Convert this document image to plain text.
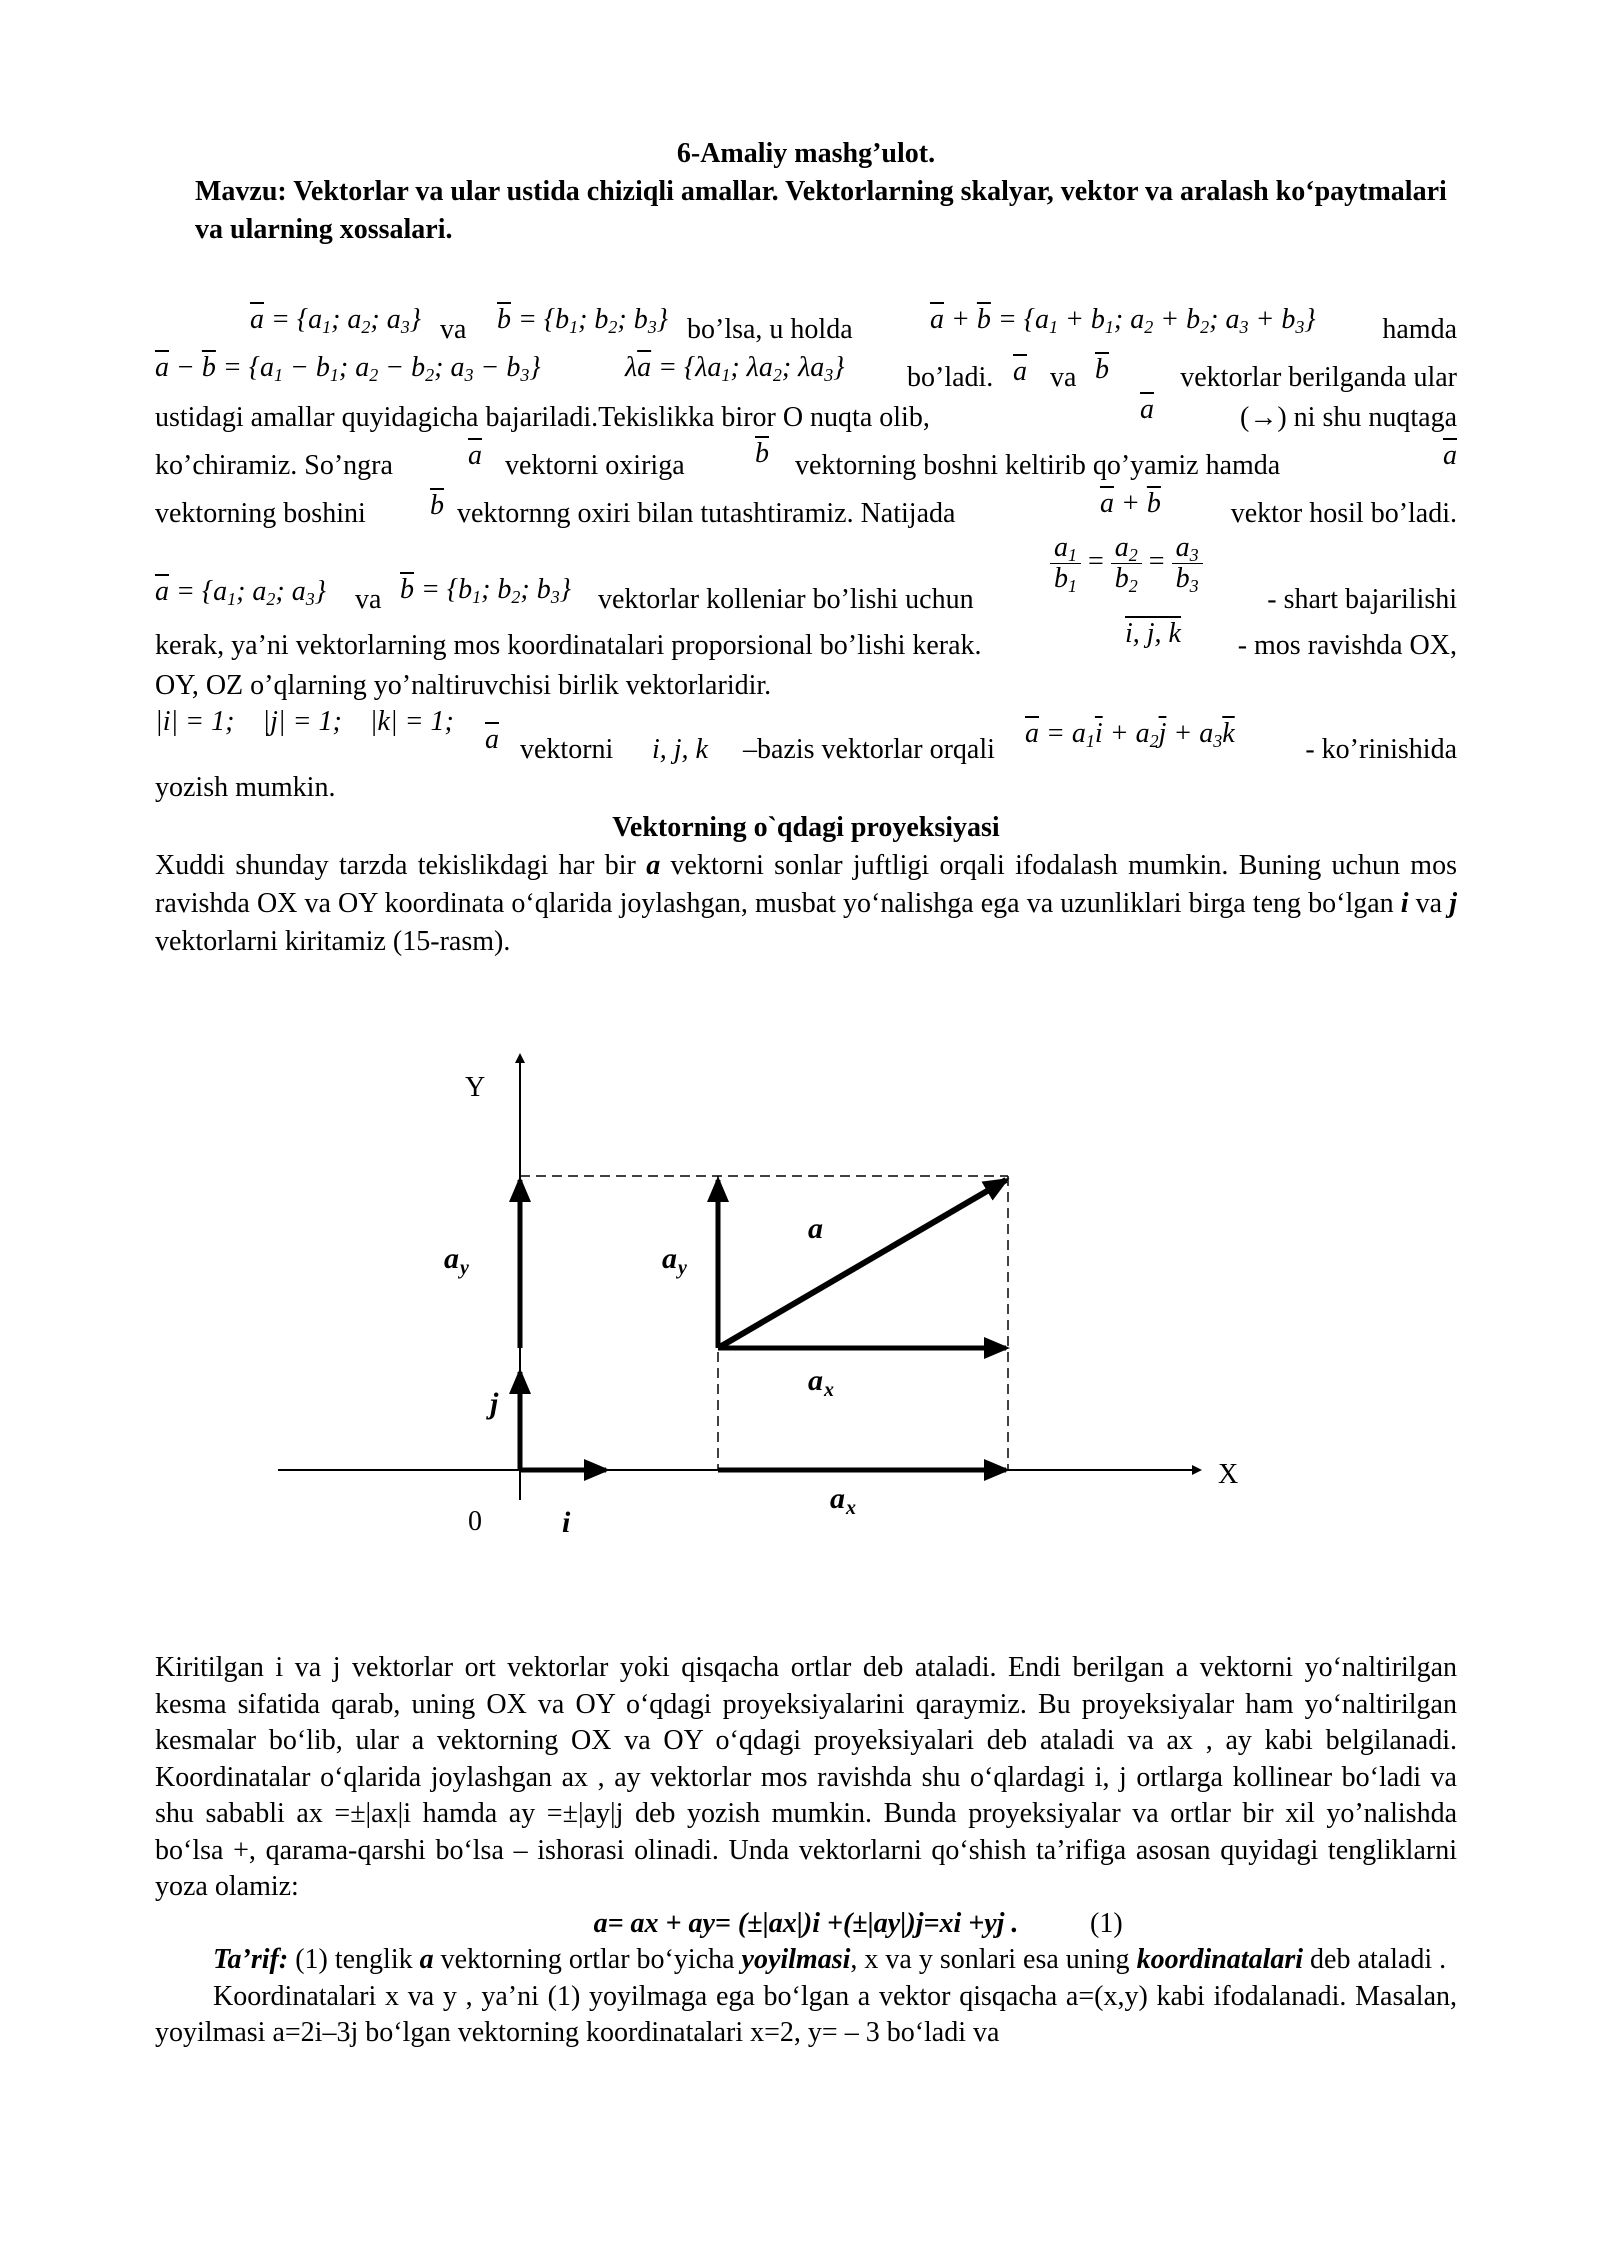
6-Amaliy mashg’ulot.
Mavzu: Vektorlar va ular ustida chiziqli amallar. Vektorlarning skalyar, vektor va aralash ko‘paytmalari va ularning xossalari.
$\overline{a} = \{a_1$; $a_2$; $a_3$} va $\overline{b} = \{b_1$; $b_2$; $b_3$} bo’lsa, u holda	$\overline{a} + \overline{b} = \{a_1 + b_1$; $a_2 + b_2$; $a_3 + b_3$} hamda
$\overline{a} - \overline{b} = \{a_1 - b_1$; $a_2 - b_2$; $a_3 - b_3$}	$\lambda\overline{a} = \{\lambda a_1$; $\lambda a_2$; $\lambda a_3$} bo’ladi. $\overline{a}$ va $\overline{b}$	vektorlar berilganda ular
ustidagi amallar quyidagicha bajariladi.Tekislikka biror O nuqta olib,	$\overline{a}$	(→) ni shu nuqtaga
ko’chiramiz. So’ngra	$\overline{a}$ vektorni oxiriga	$\overline{b}$ vektorning boshni keltirib qo’yamiz hamda	$\overline{a}$
vektorning boshini $\overline{b}$ vektornng oxiri bilan tutashtiramiz. Natijada	$\overline{a} + \overline{b}$ vektor hosil bo’ladi.
$\overline{a} = \{a_1$; $a_2$; $a_3$} va $\overline{b} = \{b_1$; $b_2$; $b_3$} vektorlar kolleniar bo’lishi uchun
$\frac{a_1}{b_1} = \frac{a_2}{b_2} = \frac{a_3}{b_3}$
- shart bajarilishi
kerak, ya’ni vektorlarning mos koordinatalari proporsional bo’lishi kerak.	i, j, k - mos ravishda OX,
OY, OZ o’qlarning yo’naltiruvchisi birlik vektorlaridir.
|i| = 1;    |j| = 1;    |k| = 1;
$\overline{a}$ vektorni i, j, k –bazis vektorlar orqali
$\overline{a} = a_1\overline{i} + a_2\overline{j} + a_3\overline{k}$
- ko’rinishida
yozish mumkin.
Vektorning o`qdagi proyeksiyasi
Xuddi shunday tarzda tekislikdagi har bir a vektorni sonlar juftligi orqali ifodalash mumkin. Buning uchun mos ravishda OX va OY koordinata o‘qlarida joylashgan, musbat yo‘nalishga ega va uzunliklari birga teng bo‘lgan i va j vektorlarni kiritamiz (15-rasm).
Y
X
0	i
j
a
a y	a y
a x
a x
Kiritilgan i va j vektorlar ort vektorlar yoki qisqacha ortlar deb ataladi. Endi berilgan a vektorni yo‘naltirilgan kesma sifatida qarab, uning OX va OY o‘qdagi proyeksiyalarini qaraymiz. Bu proyeksiyalar ham yo‘naltirilgan kesmalar bo‘lib, ular a vektorning OX va OY o‘qdagi proyeksiyalari deb ataladi va ax , ay kabi belgilanadi. Koordinatalar o‘qlarida joylashgan ax , ay vektorlar mos ravishda shu o‘qlardagi i, j ortlarga kollinear bo‘ladi va shu sababli ax =±|ax|i hamda ay =±|ay|j deb yozish mumkin. Bunda proyeksiyalar va ortlar bir xil yo’nalishda bo‘lsa +, qarama-qarshi bo‘lsa – ishorasi olinadi. Unda vektorlarni qo‘shish ta’rifiga asosan quyidagi tengliklarni yoza olamiz:
a= ax + ay= (±|ax|)i +(±|ay|)j=xi +yj .	(1)
Ta’rif: (1) tenglik a vektorning ortlar bo‘yicha yoyilmasi, x va y sonlari esa uning koordinatalari deb ataladi .
Koordinatalari x va y , ya’ni (1) yoyilmaga ega bo‘lgan a vektor qisqacha a=(x,y) kabi ifodalanadi. Masalan, yoyilmasi a=2i–3j bo‘lgan vektorning koordinatalari x=2, y= – 3 bo‘ladi va
